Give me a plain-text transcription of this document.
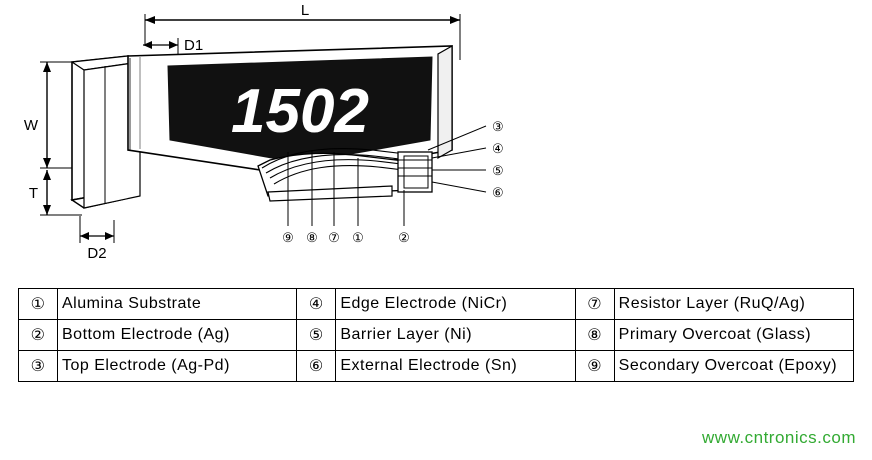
L
D1
W
T
D2
1502	③
④
⑤
⑥
⑨ ⑧ ⑦ ①	②
①	Alumina Substrate	④	Edge Electrode (NiCr)	⑦	Resistor Layer (RuQ/Ag)
②	Bottom Electrode (Ag)	⑤	Barrier Layer (Ni)	⑧	Primary Overcoat (Glass)
③	Top Electrode (Ag-Pd)	⑥	External Electrode (Sn)	⑨	Secondary Overcoat (Epoxy)
www.cntronics.com
